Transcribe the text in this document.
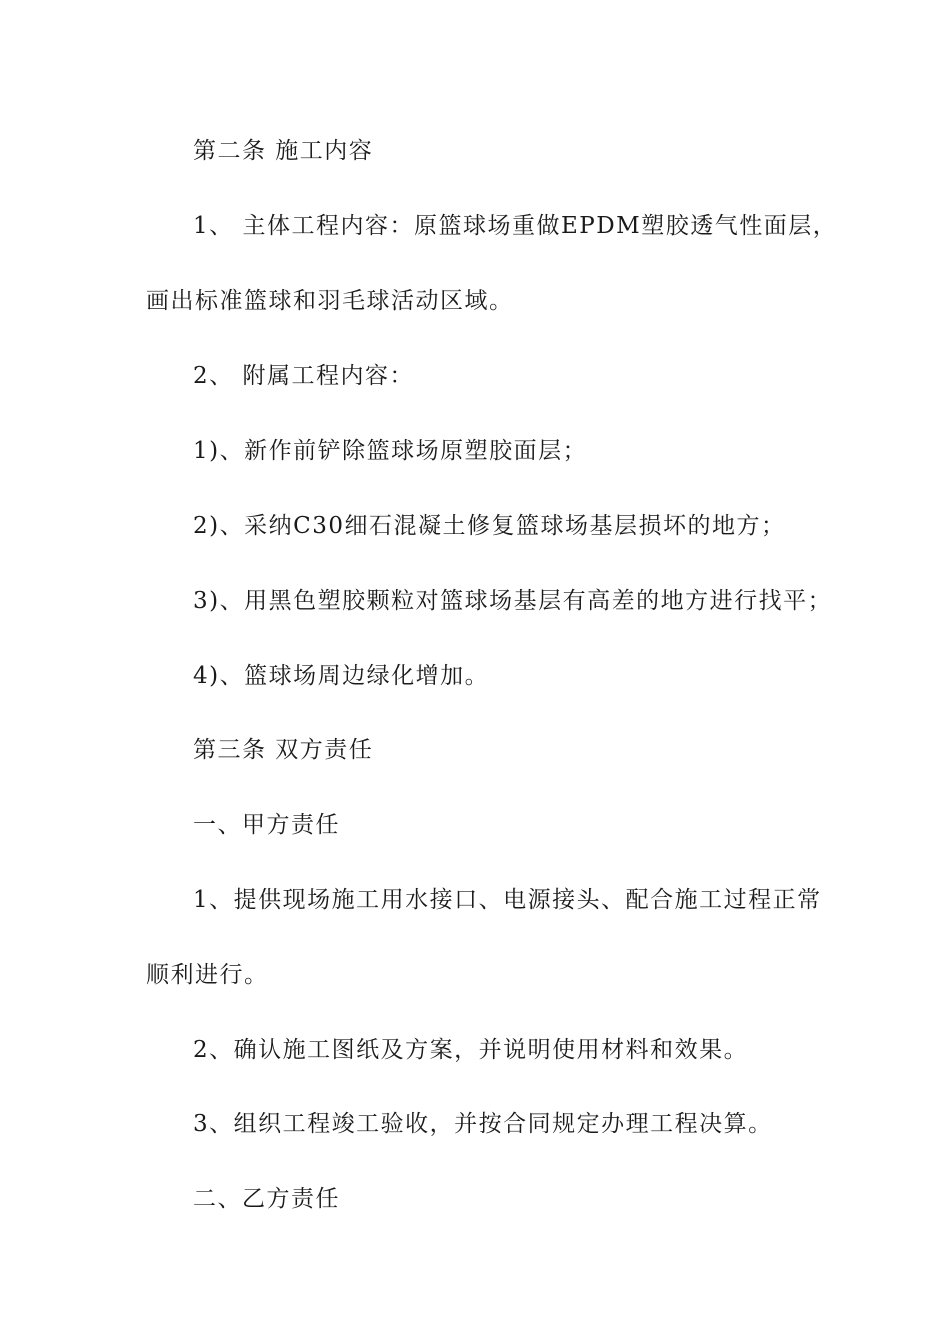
第二条 施工内容
1、 主体工程内容：原篮球场重做EPDM塑胶透气性面层，
画出标准篮球和羽毛球活动区域。
2、 附属工程内容：
1)、新作前铲除篮球场原塑胶面层；
2)、采纳C30细石混凝土修复篮球场基层损坏的地方；
3)、用黑色塑胶颗粒对篮球场基层有高差的地方进行找平；
4)、篮球场周边绿化增加。
第三条 双方责任
一、甲方责任
1、提供现场施工用水接口、电源接头、配合施工过程正常
顺利进行。
2、确认施工图纸及方案，并说明使用材料和效果。
3、组织工程竣工验收，并按合同规定办理工程决算。
二、乙方责任
